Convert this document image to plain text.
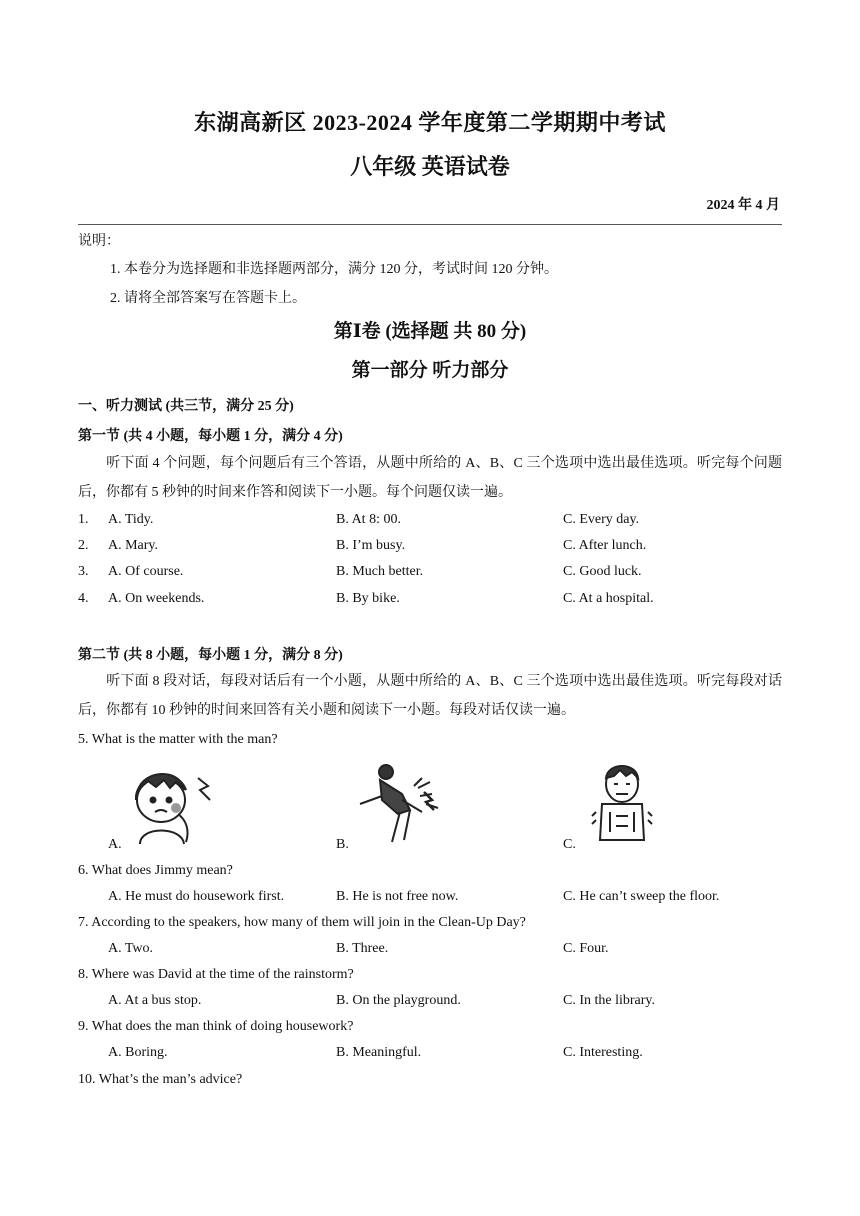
东湖高新区 2023-2024 学年度第二学期期中考试
八年级 英语试卷
2024 年 4 月
说明：
1. 本卷分为选择题和非选择题两部分，满分 120 分，考试时间 120 分钟。
2. 请将全部答案写在答题卡上。
第Ⅰ卷 (选择题 共 80 分)
第一部分 听力部分
一、听力测试 (共三节，满分 25 分)
第一节 (共 4 小题，每小题 1 分，满分 4 分)
听下面 4 个问题，每个问题后有三个答语，从题中所给的 A、B、C 三个选项中选出最佳选项。听完每个问题后，你都有 5 秒钟的时间来作答和阅读下一小题。每个问题仅读一遍。
1. A. Tidy.	B. At 8: 00.	C. Every day.
2. A. Mary.	B. I’m busy.	C. After lunch.
3. A. Of course.	B. Much better.	C. Good luck.
4. A. On weekends.	B. By bike.	C. At a hospital.
第二节 (共 8 小题，每小题 1 分，满分 8 分)
听下面 8 段对话，每段对话后有一个小题，从题中所给的 A、B、C 三个选项中选出最佳选项。听完每段对话后，你都有 10 秒钟的时间来回答有关小题和阅读下一小题。每段对话仅读一遍。
5. What is the matter with the man?
A.	B.	C.
6. What does Jimmy mean?
A. He must do housework first.	B. He is not free now.	C. He can’t sweep the floor.
7. According to the speakers, how many of them will join in the Clean-Up Day?
A. Two.	B. Three.	C. Four.
8. Where was David at the time of the rainstorm?
A. At a bus stop.	B. On the playground.	C. In the library.
9. What does the man think of doing housework?
A. Boring.	B. Meaningful.	C. Interesting.
10. What’s the man’s advice?
